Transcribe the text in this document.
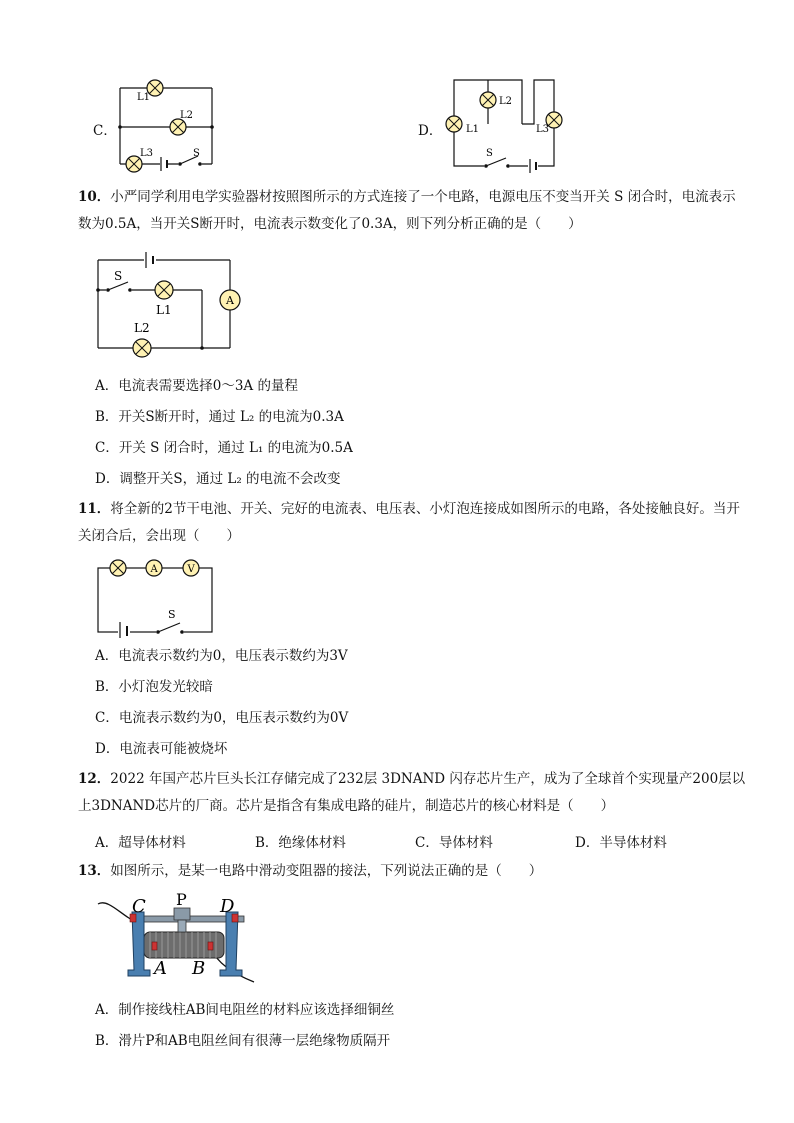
C．
L1
L2
L3	S
D． L1
L2
L3
S
10．小严同学利用电学实验器材按照图所示的方式连接了一个电路，电源电压不变当开关 S 闭合时，电流表示数为0.5A，当开关S断开时，电流表示数变化了0.3A，则下列分析正确的是（　　）
A
S
L1
L2
A．电流表需要选择0～3A 的量程
B．开关S断开时，通过 L₂ 的电流为0.3A
C．开关 S 闭合时，通过 L₁ 的电流为0.5A
D．调整开关S，通过 L₂ 的电流不会改变
11．将全新的2节干电池、开关、完好的电流表、电压表、小灯泡连接成如图所示的电路，各处接触良好。当开关闭合后，会出现（　　）
A	V
S
A．电流表示数约为0，电压表示数约为3V
B．小灯泡发光较暗
C．电流表示数约为0，电压表示数约为0V
D．电流表可能被烧坏
12．2022 年国产芯片巨头长江存储完成了232层 3DNAND 闪存芯片生产，成为了全球首个实现量产200层以上3DNAND芯片的厂商。芯片是指含有集成电路的硅片，制造芯片的核心材料是（　　）
A．超导体材料	B．绝缘体材料	C．导体材料	D．半导体材料
13．如图所示，是某一电路中滑动变阻器的接法，下列说法正确的是（　　）
C P D
A B
A．制作接线柱AB间电阻丝的材料应该选择细铜丝
B．滑片P和AB电阻丝间有很薄一层绝缘物质隔开
